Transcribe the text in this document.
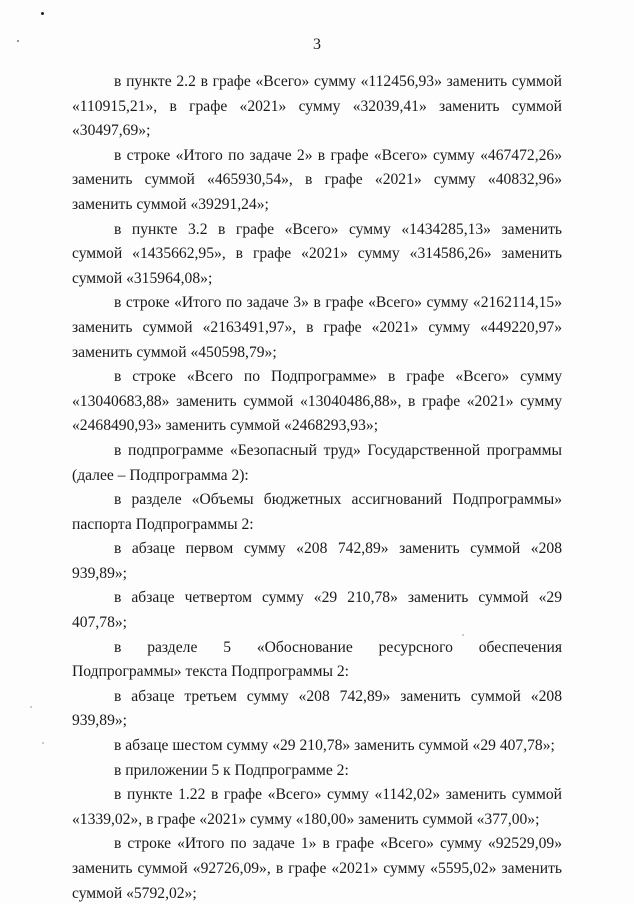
3

в пункте 2.2 в графе «Всего» сумму «112456,93» заменить суммой «110915,21», в графе «2021» сумму «32039,41» заменить суммой «30497,69»;

в строке «Итого по задаче 2» в графе «Всего» сумму «467472,26» заменить суммой «465930,54», в графе «2021» сумму «40832,96» заменить суммой «39291,24»;

в пункте 3.2 в графе «Всего» сумму «1434285,13» заменить суммой «1435662,95», в графе «2021» сумму «314586,26» заменить суммой «315964,08»;

в строке «Итого по задаче 3» в графе «Всего» сумму «2162114,15» заменить суммой «2163491,97», в графе «2021» сумму «449220,97» заменить суммой «450598,79»;

в строке «Всего по Подпрограмме» в графе «Всего» сумму «13040683,88» заменить суммой «13040486,88», в графе «2021» сумму «2468490,93» заменить суммой «2468293,93»;

в подпрограмме «Безопасный труд» Государственной программы (далее – Подпрограмма 2):

в разделе «Объемы бюджетных ассигнований Подпрограммы» паспорта Подпрограммы 2:

в абзаце первом сумму «208 742,89» заменить суммой «208 939,89»;

в абзаце четвертом сумму «29 210,78» заменить суммой «29 407,78»;

в разделе 5 «Обоснование ресурсного обеспечения Подпрограммы» текста Подпрограммы 2:

в абзаце третьем сумму «208 742,89» заменить суммой «208 939,89»;

в абзаце шестом сумму «29 210,78» заменить суммой «29 407,78»;

в приложении 5 к Подпрограмме 2:

в пункте 1.22 в графе «Всего» сумму «1142,02» заменить суммой «1339,02», в графе «2021» сумму «180,00» заменить суммой «377,00»;

в строке «Итого по задаче 1» в графе «Всего» сумму «92529,09» заменить суммой «92726,09», в графе «2021» сумму «5595,02» заменить суммой «5792,02»;
